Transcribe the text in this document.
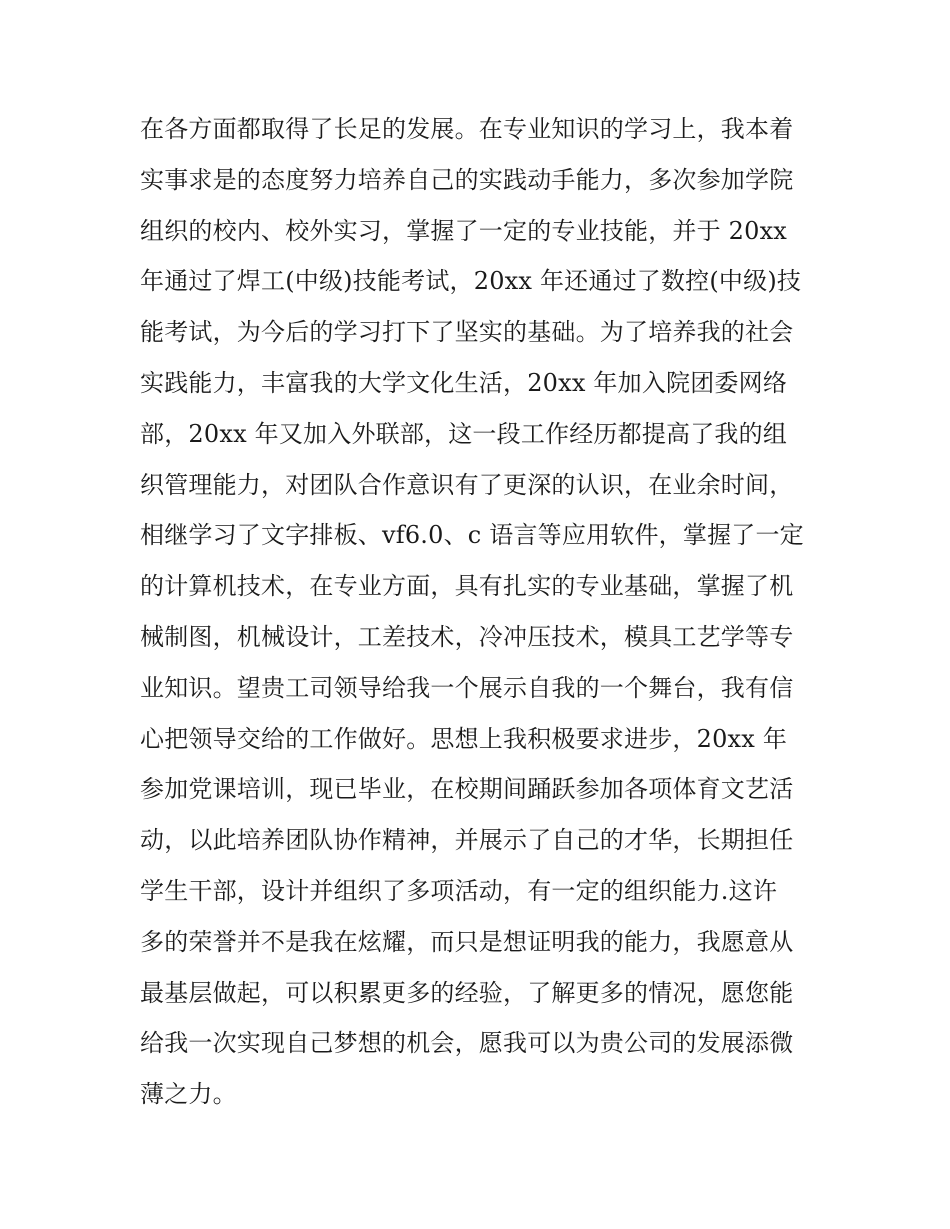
在各方面都取得了长足的发展。在专业知识的学习上，我本着
实事求是的态度努力培养自己的实践动手能力，多次参加学院
组织的校内、校外实习，掌握了一定的专业技能，并于 20xx
年通过了焊工(中级)技能考试，20xx 年还通过了数控(中级)技
能考试，为今后的学习打下了坚实的基础。为了培养我的社会
实践能力，丰富我的大学文化生活，20xx 年加入院团委网络
部，20xx 年又加入外联部，这一段工作经历都提高了我的组
织管理能力，对团队合作意识有了更深的认识，在业余时间，
相继学习了文字排板、vf6.0、c 语言等应用软件，掌握了一定
的计算机技术，在专业方面，具有扎实的专业基础，掌握了机
械制图，机械设计，工差技术，冷冲压技术，模具工艺学等专
业知识。望贵工司领导给我一个展示自我的一个舞台，我有信
心把领导交给的工作做好。思想上我积极要求进步，20xx 年
参加党课培训，现已毕业，在校期间踊跃参加各项体育文艺活
动，以此培养团队协作精神，并展示了自己的才华，长期担任
学生干部，设计并组织了多项活动，有一定的组织能力.这许
多的荣誉并不是我在炫耀，而只是想证明我的能力，我愿意从
最基层做起，可以积累更多的经验，了解更多的情况，愿您能
给我一次实现自己梦想的机会，愿我可以为贵公司的发展添微
薄之力。
